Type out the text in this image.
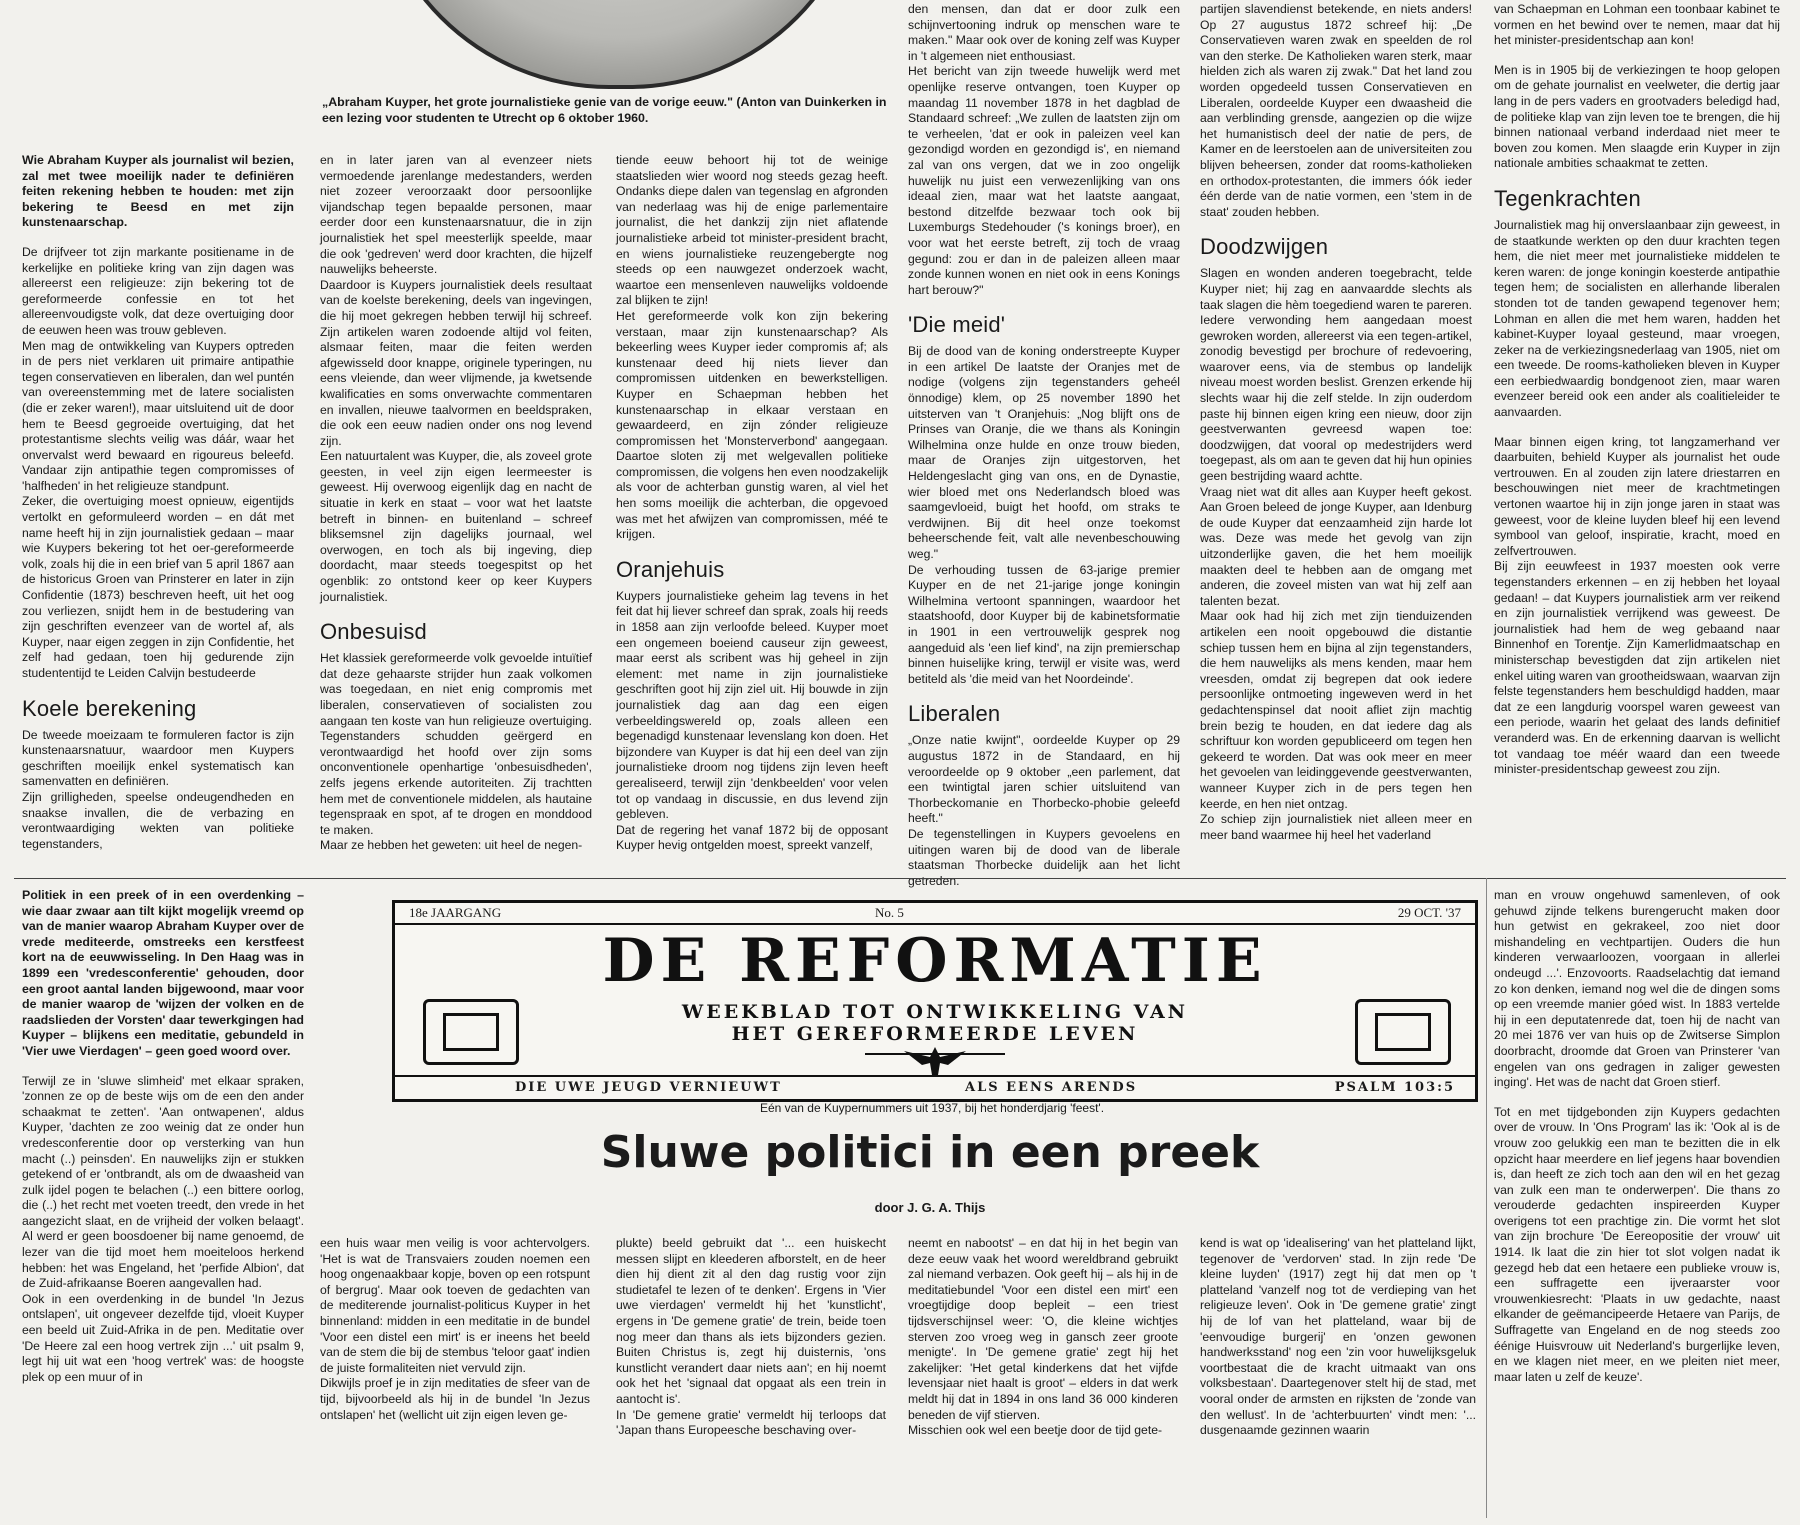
„Abraham Kuyper, het grote journalistieke genie van de vorige eeuw." (Anton van Duinkerken in een lezing voor studenten te Utrecht op 6 oktober 1960.

Wie Abraham Kuyper als journalist wil bezien, zal met twee moeilijk nader te definiëren feiten rekening hebben te houden: met zijn bekering te Beesd en met zijn kunstenaarschap.

De drijfveer tot zijn markante positiename in de kerkelijke en politieke kring van zijn dagen was allereerst een religieuze: zijn bekering tot de gereformeerde confessie en tot het allereenvoudigste volk, dat deze overtuiging door de eeuwen heen was trouw gebleven.

Men mag de ontwikkeling van Kuypers optreden in de pers niet verklaren uit primaire antipathie tegen conservatieven en liberalen, dan wel puntén van overeenstemming met de latere socialisten (die er zeker waren!), maar uitsluitend uit de door hem te Beesd gegroeide overtuiging, dat het protestantisme slechts veilig was dáár, waar het onvervalst werd bewaard en rigoureus beleefd. Vandaar zijn antipathie tegen compromisses of 'halfheden' in het religieuze standpunt.

Zeker, die overtuiging moest opnieuw, eigentijds vertolkt en geformuleerd worden – en dát met name heeft hij in zijn journalistiek gedaan – maar wie Kuypers bekering tot het oer-gereformeerde volk, zoals hij die in een brief van 5 april 1867 aan de historicus Groen van Prinsterer en later in zijn Confidentie (1873) beschreven heeft, uit het oog zou verliezen, snijdt hem in de bestudering van zijn geschriften evenzeer van de wortel af, als Kuyper, naar eigen zeggen in zijn Confidentie, het zelf had gedaan, toen hij gedurende zijn studententijd te Leiden Calvijn bestudeerde

Koele berekening

De tweede moeizaam te formuleren factor is zijn kunstenaarsnatuur, waardoor men Kuypers geschriften moeilijk enkel systematisch kan samenvatten en definiëren.

Zijn grilligheden, speelse ondeugendheden en snaakse invallen, die de verbazing en verontwaardiging wekten van politieke tegenstanders,

en in later jaren van al evenzeer niets vermoedende jarenlange medestanders, werden niet zozeer veroorzaakt door persoonlijke vijandschap tegen bepaalde personen, maar eerder door een kunstenaarsnatuur, die in zijn journalistiek het spel meesterlijk speelde, maar die ook 'gedreven' werd door krachten, die hijzelf nauwelijks beheerste.

Daardoor is Kuypers journalistiek deels resultaat van de koelste berekening, deels van ingevingen, die hij moet gekregen hebben terwijl hij schreef. Zijn artikelen waren zodoende altijd vol feiten, alsmaar feiten, maar die feiten werden afgewisseld door knappe, originele typeringen, nu eens vleiende, dan weer vlijmende, ja kwetsende kwalificaties en soms onverwachte commentaren en invallen, nieuwe taalvormen en beeldspraken, die ook een eeuw nadien onder ons nog levend zijn.

Een natuurtalent was Kuyper, die, als zoveel grote geesten, in veel zijn eigen leermeester is geweest. Hij overwoog eigenlijk dag en nacht de situatie in kerk en staat – voor wat het laatste betreft in binnen- en buitenland – schreef bliksemsnel zijn dagelijks journaal, wel overwogen, en toch als bij ingeving, diep doordacht, maar steeds toegespitst op het ogenblik: zo ontstond keer op keer Kuypers journalistiek.

Onbesuisd

Het klassiek gereformeerde volk gevoelde intuïtief dat deze gehaarste strijder hun zaak volkomen was toegedaan, en niet enig compromis met liberalen, conservatieven of socialisten zou aangaan ten koste van hun religieuze overtuiging. Tegenstanders schudden geërgerd en verontwaardigd het hoofd over zijn soms onconventionele openhartige 'onbesuisdheden', zelfs jegens erkende autoriteiten. Zij trachtten hem met de conventionele middelen, als hautaine tegenspraak en spot, af te drogen en monddood te maken.

Maar ze hebben het geweten: uit heel de negen-

tiende eeuw behoort hij tot de weinige staatslieden wier woord nog steeds gezag heeft. Ondanks diepe dalen van tegenslag en afgronden van nederlaag was hij de enige parlementaire journalist, die het dankzij zijn niet aflatende journalistieke arbeid tot minister-president bracht, en wiens journalistieke reuzengebergte nog steeds op een nauwgezet onderzoek wacht, waartoe een mensenleven nauwelijks voldoende zal blijken te zijn!

Het gereformeerde volk kon zijn bekering verstaan, maar zijn kunstenaarschap? Als bekeerling wees Kuyper ieder compromis af; als kunstenaar deed hij niets liever dan compromissen uitdenken en bewerkstelligen. Kuyper en Schaepman hebben het kunstenaarschap in elkaar verstaan en gewaardeerd, en zijn zónder religieuze compromissen het 'Monsterverbond' aangegaan. Daartoe sloten zij met welgevallen politieke compromissen, die volgens hen even noodzakelijk als voor de achterban gunstig waren, al viel het hen soms moeilijk die achterban, die opgevoed was met het afwijzen van compromissen, méé te krijgen.

Oranjehuis

Kuypers journalistieke geheim lag tevens in het feit dat hij liever schreef dan sprak, zoals hij reeds in 1858 aan zijn verloofde beleed. Kuyper moet een ongemeen boeiend causeur zijn geweest, maar eerst als scribent was hij geheel in zijn element: met name in zijn journalistieke geschriften goot hij zijn ziel uit. Hij bouwde in zijn journalistiek dag aan dag een eigen verbeeldingswereld op, zoals alleen een begenadigd kunstenaar levenslang kon doen. Het bijzondere van Kuyper is dat hij een deel van zijn journalistieke droom nog tijdens zijn leven heeft gerealiseerd, terwijl zijn 'denkbeelden' voor velen tot op vandaag in discussie, en dus levend zijn gebleven.

Dat de regering het vanaf 1872 bij de opposant Kuyper hevig ontgelden moest, spreekt vanzelf,

den mensen, dan dat er door zulk een schijnvertooning indruk op menschen ware te maken." Maar ook over de koning zelf was Kuyper in 't algemeen niet enthousiast.

Het bericht van zijn tweede huwelijk werd met openlijke reserve ontvangen, toen Kuyper op maandag 11 november 1878 in het dagblad de Standaard schreef: „We zullen de laatsten zijn om te verheelen, 'dat er ook in paleizen veel kan gezondigd worden en gezondigd is', en niemand zal van ons vergen, dat we in zoo ongelijk huwelijk nu juist een verwezenlijking van ons ideaal zien, maar wat het laatste aangaat, bestond ditzelfde bezwaar toch ook bij Luxemburgs Stedehouder ('s konings broer), en voor wat het eerste betreft, zij toch de vraag gegund: zou er dan in de paleizen alleen maar zonde kunnen wonen en niet ook in eens Konings hart berouw?"

'Die meid'

Bij de dood van de koning onderstreepte Kuyper in een artikel De laatste der Oranjes met de nodige (volgens zijn tegenstanders geheél önnodige) klem, op 25 november 1890 het uitsterven van 't Oranjehuis: „Nog blijft ons de Prinses van Oranje, die we thans als Koningin Wilhelmina onze hulde en onze trouw bieden, maar de Oranjes zijn uitgestorven, het Heldengeslacht ging van ons, en de Dynastie, wier bloed met ons Nederlandsch bloed was saamgevloeid, buigt het hoofd, om straks te verdwijnen. Bij dit heel onze toekomst beheerschende feit, valt alle nevenbeschouwing weg."

De verhouding tussen de 63-jarige premier Kuyper en de net 21-jarige jonge koningin Wilhelmina vertoont spanningen, waardoor het staatshoofd, door Kuyper bij de kabinetsformatie in 1901 in een vertrouwelijk gesprek nog aangeduid als 'een lief kind', na zijn premierschap binnen huiselijke kring, terwijl er visite was, werd betiteld als 'die meid van het Noordeinde'.

Liberalen

„Onze natie kwijnt", oordeelde Kuyper op 29 augustus 1872 in de Standaard, en hij veroordeelde op 9 oktober „een parlement, dat een twintigtal jaren schier uitsluitend van Thorbeckomanie en Thorbecko-phobie geleefd heeft."

De tegenstellingen in Kuypers gevoelens en uitingen waren bij de dood van de liberale staatsman Thorbecke duidelijk aan het licht getreden.

partijen slavendienst betekende, en niets anders! Op 27 augustus 1872 schreef hij: „De Conservatieven waren zwak en speelden de rol van den sterke. De Katholieken waren sterk, maar hielden zich als waren zij zwak." Dat het land zou worden opgedeeld tussen Conservatieven en Liberalen, oordeelde Kuyper een dwaasheid die aan verblinding grensde, aangezien op die wijze het humanistisch deel der natie de pers, de Kamer en de leerstoelen aan de universiteiten zou blijven beheersen, zonder dat rooms-katholieken en orthodox-protestanten, die immers óók ieder één derde van de natie vormen, een 'stem in de staat' zouden hebben.

Doodzwijgen

Slagen en wonden anderen toegebracht, telde Kuyper niet; hij zag en aanvaardde slechts als taak slagen die hèm toegediend waren te pareren. Iedere verwonding hem aangedaan moest gewroken worden, allereerst via een tegen-artikel, zonodig bevestigd per brochure of redevoering, waarover eens, via de stembus op landelijk niveau moest worden beslist. Grenzen erkende hij slechts waar hij die zelf stelde. In zijn ouderdom paste hij binnen eigen kring een nieuw, door zijn geestverwanten gevreesd wapen toe: doodzwijgen, dat vooral op medestrijders werd toegepast, als om aan te geven dat hij hun opinies geen bestrijding waard achtte.

Vraag niet wat dit alles aan Kuyper heeft gekost. Aan Groen beleed de jonge Kuyper, aan Idenburg de oude Kuyper dat eenzaamheid zijn harde lot was. Deze was mede het gevolg van zijn uitzonderlijke gaven, die het hem moeilijk maakten deel te hebben aan de omgang met anderen, die zoveel misten van wat hij zelf aan talenten bezat.

Maar ook had hij zich met zijn tienduizenden artikelen een nooit opgebouwd die distantie schiep tussen hem en bijna al zijn tegenstanders, die hem nauwelijks als mens kenden, maar hem vreesden, omdat zij begrepen dat ook iedere persoonlijke ontmoeting ingeweven werd in het gedachtenspinsel dat nooit afliet zijn machtig brein bezig te houden, en dat iedere dag als schriftuur kon worden gepubliceerd om tegen hen gekeerd te worden. Dat was ook meer en meer het gevoelen van leidinggevende geestverwanten, wanneer Kuyper zich in de pers tegen hen keerde, en hen niet ontzag.

Zo schiep zijn journalistiek niet alleen meer en meer band waarmee hij heel het vaderland

van Schaepman en Lohman een toonbaar kabinet te vormen en het bewind over te nemen, maar dat hij het minister-presidentschap aan kon!

Men is in 1905 bij de verkiezingen te hoop gelopen om de gehate journalist en veelweter, die dertig jaar lang in de pers vaders en grootvaders beledigd had, de politieke klap van zijn leven toe te brengen, die hij binnen nationaal verband inderdaad niet meer te boven zou komen. Men slaagde erin Kuyper in zijn nationale ambities schaakmat te zetten.

Tegenkrachten

Journalistiek mag hij onverslaanbaar zijn geweest, in de staatkunde werkten op den duur krachten tegen hem, die niet meer met journalistieke middelen te keren waren: de jonge koningin koesterde antipathie tegen hem; de socialisten en allerhande liberalen stonden tot de tanden gewapend tegenover hem; Lohman en allen die met hem waren, hadden het kabinet-Kuyper loyaal gesteund, maar vroegen, zeker na de verkiezingsnederlaag van 1905, niet om een tweede. De rooms-katholieken bleven in Kuyper een eerbiedwaardig bondgenoot zien, maar waren evenzeer bereid ook een ander als coalitieleider te aanvaarden.

Maar binnen eigen kring, tot langzamerhand ver daarbuiten, behield Kuyper als journalist het oude vertrouwen. En al zouden zijn latere driestarren en beschouwingen niet meer de krachtmetingen vertonen waartoe hij in zijn jonge jaren in staat was geweest, voor de kleine luyden bleef hij een levend symbool van geloof, inspiratie, kracht, moed en zelfvertrouwen.

Bij zijn eeuwfeest in 1937 moesten ook verre tegenstanders erkennen – en zij hebben het loyaal gedaan! – dat Kuypers journalistiek arm ver reikend en zijn journalistiek verrijkend was geweest. De journalistiek had hem de weg gebaand naar Binnenhof en Torentje. Zijn Kamerlidmaatschap en ministerschap bevestigden dat zijn artikelen niet enkel uiting waren van grootheidswaan, waarvan zijn felste tegenstanders hem beschuldigd hadden, maar dat ze een langdurig voorspel waren geweest van een periode, waarin het gelaat des lands definitief veranderd was. En de erkenning daarvan is wellicht tot vandaag toe méér waard dan een tweede minister-presidentschap geweest zou zijn.

Politiek in een preek of in een overdenking – wie daar zwaar aan tilt kijkt mogelijk vreemd op van de manier waarop Abraham Kuyper over de vrede mediteerde, omstreeks een kerstfeest kort na de eeuwwisseling. In Den Haag was in 1899 een 'vredesconferentie' gehouden, door een groot aantal landen bijgewoond, maar voor de manier waarop de 'wijzen der volken en de raadslieden der Vorsten' daar tewerkgingen had Kuyper – blijkens een meditatie, gebundeld in 'Vier uwe Vierdagen' – geen goed woord over.

Terwijl ze in 'sluwe slimheid' met elkaar spraken, 'zonnen ze op de beste wijs om de een den ander schaakmat te zetten'. 'Aan ontwapenen', aldus Kuyper, 'dachten ze zoo weinig dat ze onder hun vredesconferentie door op versterking van hun macht (..) peinsden'. En nauwelijks zijn er stukken getekend of er 'ontbrandt, als om de dwaasheid van zulk ijdel pogen te belachen (..) een bittere oorlog, die (..) het recht met voeten treedt, den vrede in het aangezicht slaat, en de vrijheid der volken belaagt'. Al werd er geen boosdoener bij name genoemd, de lezer van die tijd moet hem moeiteloos herkend hebben: het was Engeland, het 'perfide Albion', dat de Zuid-afrikaanse Boeren aangevallen had.
Ook in een overdenking in de bundel 'In Jezus ontslapen', uit ongeveer dezelfde tijd, vloeit Kuyper een beeld uit Zuid-Afrika in de pen. Meditatie over 'De Heere zal een hoog vertrek zijn ...' uit psalm 9, legt hij uit wat een 'hoog vertrek' was: de hoogste plek op een muur of in

18e JAARGANG	No. 5	29 OCT. '37
DE REFORMATIE
WEEKBLAD TOT ONTWIKKELING VAN
HET GEREFORMEERDE LEVEN
DIE UWE JEUGD VERNIEUWT	ALS EENS ARENDS	PSALM 103:5
Eén van de Kuypernummers uit 1937, bij het honderdjarig 'feest'.
Sluwe politici in een preek
door J. G. A. Thijs

een huis waar men veilig is voor achtervolgers. 'Het is wat de Transvaiers zouden noemen een hoog ongenaakbaar kopje, boven op een rotspunt of bergrug'. Maar ook toeven de gedachten van de mediterende journalist-politicus Kuyper in het binnenland: midden in een meditatie in de bundel 'Voor een distel een mirt' is er ineens het beeld van de stem die bij de stembus 'teloor gaat' indien de juiste formaliteiten niet vervuld zijn.
Dikwijls proef je in zijn meditaties de sfeer van de tijd, bijvoorbeeld als hij in de bundel 'In Jezus ontslapen' het (wellicht uit zijn eigen leven ge-

plukte) beeld gebruikt dat '... een huiskecht messen slijpt en kleederen afborstelt, en de heer dien hij dient zit al den dag rustig voor zijn studietafel te lezen of te denken'. Ergens in 'Vier uwe vierdagen' vermeldt hij het 'kunstlicht', ergens in 'De gemene gratie' de trein, beide toen nog meer dan thans als iets bijzonders gezien. Buiten Christus is, zegt hij duisternis, 'ons kunstlicht verandert daar niets aan'; en hij noemt ook het het 'signaal dat opgaat als een trein in aantocht is'.
In 'De gemene gratie' vermeldt hij terloops dat 'Japan thans Europeesche beschaving over-

neemt en nabootst' – en dat hij in het begin van deze eeuw vaak het woord wereldbrand gebruikt zal niemand verbazen. Ook geeft hij – als hij in de meditatiebundel 'Voor een distel een mirt' een vroegtijdige doop bepleit – een triest tijdsverschijnsel weer: 'O, die kleine wichtjes sterven zoo vroeg weg in gansch zeer groote menigte'. In 'De gemene gratie' zegt hij het zakelijker: 'Het getal kinderkens dat het vijfde levensjaar niet haalt is groot' – elders in dat werk meldt hij dat in 1894 in ons land 36 000 kinderen beneden de vijf stierven.
Misschien ook wel een beetje door de tijd gete-

kend is wat op 'idealisering' van het platteland lijkt, tegenover de 'verdorven' stad. In zijn rede 'De kleine luyden' (1917) zegt hij dat men op 't platteland 'vanzelf nog tot de verdieping van het religieuze leven'. Ook in 'De gemene gratie' zingt hij de lof van het platteland, waar bij de 'eenvoudige burgerij' en 'onzen gewonen handwerksstand' nog een 'zin voor huwelijksgeluk voortbestaat die de kracht uitmaakt van ons volksbestaan'. Daartegenover stelt hij de stad, met vooral onder de armsten en rijksten de 'zonde van den wellust'. In de 'achterbuurten' vindt men: '... dusgenaamde gezinnen waarin

man en vrouw ongehuwd samenleven, of ook gehuwd zijnde telkens burengerucht maken door hun getwist en gekrakeel, zoo niet door mishandeling en vechtpartijen. Ouders die hun kinderen verwaarloozen, voorgaan in allerlei ondeugd ...'. Enzovoorts. Raadselachtig dat iemand zo kon denken, iemand nog wel die de dingen soms op een vreemde manier góed wist. In 1883 vertelde hij in een deputatenrede dat, toen hij de nacht van 20 mei 1876 ver van huis op de Zwitserse Simplon doorbracht, droomde dat Groen van Prinsterer 'van engelen van ons gedragen in zaliger gewesten inging'. Het was de nacht dat Groen stierf.

Tot en met tijdgebonden zijn Kuypers gedachten over de vrouw. In 'Ons Program' las ik: 'Ook al is de vrouw zoo gelukkig een man te bezitten die in elk opzicht haar meerdere en lief jegens haar bovendien is, dan heeft ze zich toch aan den wil en het gezag van zulk een man te onderwerpen'. Die thans zo verouderde gedachten inspireerden Kuyper overigens tot een prachtige zin. Die vormt het slot van zijn brochure 'De Eereopositie der vrouw' uit 1914. Ik laat die zin hier tot slot volgen nadat ik gezegd heb dat een hetaere een publieke vrouw is, een suffragette een ijveraarster voor vrouwenkiesrecht: 'Plaats in uw gedachte, naast elkander de geëmancipeerde Hetaere van Parijs, de Suffragette van Engeland en de nog steeds zoo éénige Huisvrouw uit Nederland's burgerlijke leven, en we klagen niet meer, en we pleiten niet meer, maar laten u zelf de keuze'.
